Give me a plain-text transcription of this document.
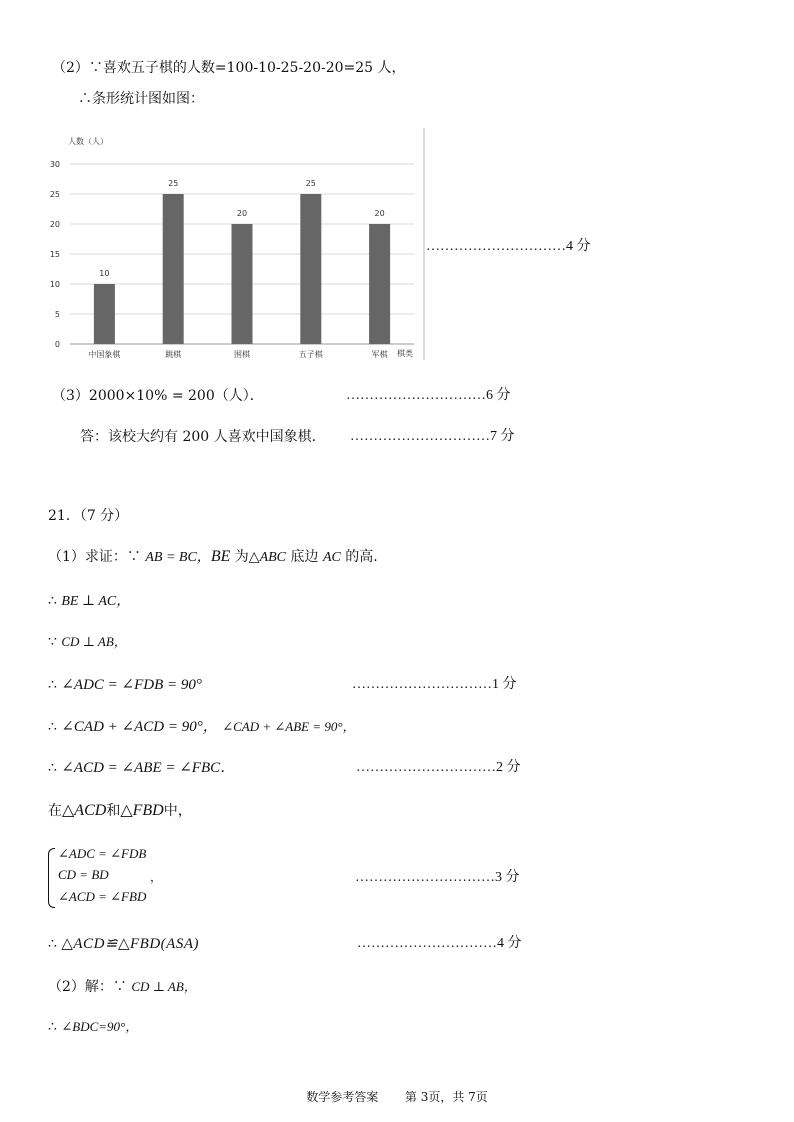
（2）∵喜欢五子棋的人数=100-10-25-20-20=25 人，
∴条形统计图如图：
人数（人）
棋类
0
5
10
15
20
25
30
10
中国象棋
25
跳棋
20
围棋
25
五子棋
20
军棋
…………………………4 分
（3）2000×10% = 200（人）．	…………………………6 分
答：该校大约有 200 人喜欢中国象棋． …………………………7 分
21．（7 分）
（1）求证：∵ AB = BC，BE 为△ABC 底边 AC 的高.
∴ BE ⊥ AC，
∵ CD ⊥ AB，
∴ ∠ADC = ∠FDB = 90°	…………………………1 分
∴ ∠CAD + ∠ACD = 90°， ∠CAD + ∠ABE = 90°，
∴ ∠ACD = ∠ABE = ∠FBC．	…………………………2 分
在△ACD和△FBD中，
∠ADC = ∠FDB
CD = BD
∠ACD = ∠FBD
，	…………………………3 分
∴ △ACD≌△FBD(ASA)	…………………………4 分
（2）解：∵ CD ⊥ AB，
∴ ∠BDC=90°，
数学参考答案 第 3页，共 7页
